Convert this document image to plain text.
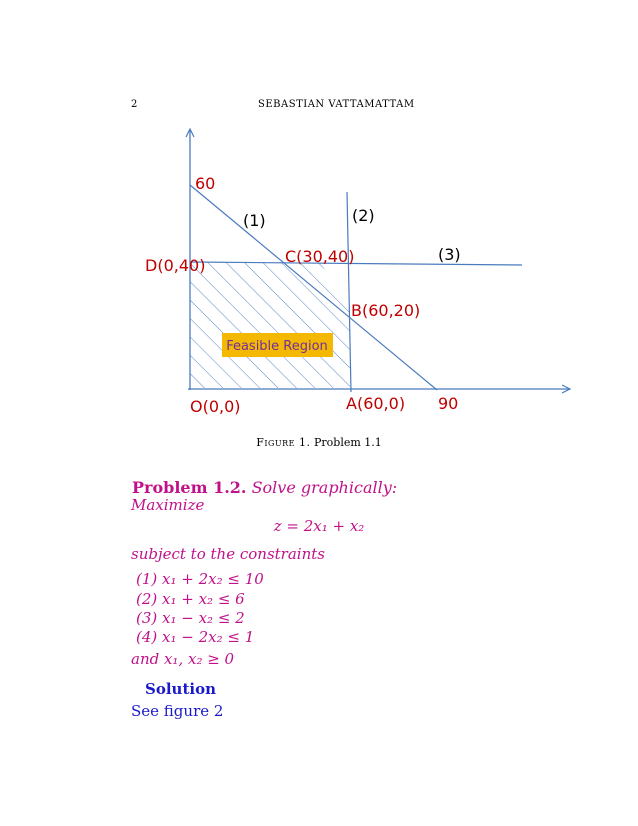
2	SEBASTIAN VATTAMATTAM
Feasible Region
60
(1)	(2)
(3)
D(0,40)	C(30,40)
B(60,20)
O(0,0)	A(60,0) 90
Figure 1. Problem 1.1
Problem 1.2. Solve graphically:
Maximize
z = 2x₁ + x₂
subject to the constraints
(1) x₁ + 2x₂ ≤ 10
(2) x₁ + x₂ ≤ 6
(3) x₁ − x₂ ≤ 2
(4) x₁ − 2x₂ ≤ 1
and x₁, x₂ ≥ 0
Solution
See figure 2
